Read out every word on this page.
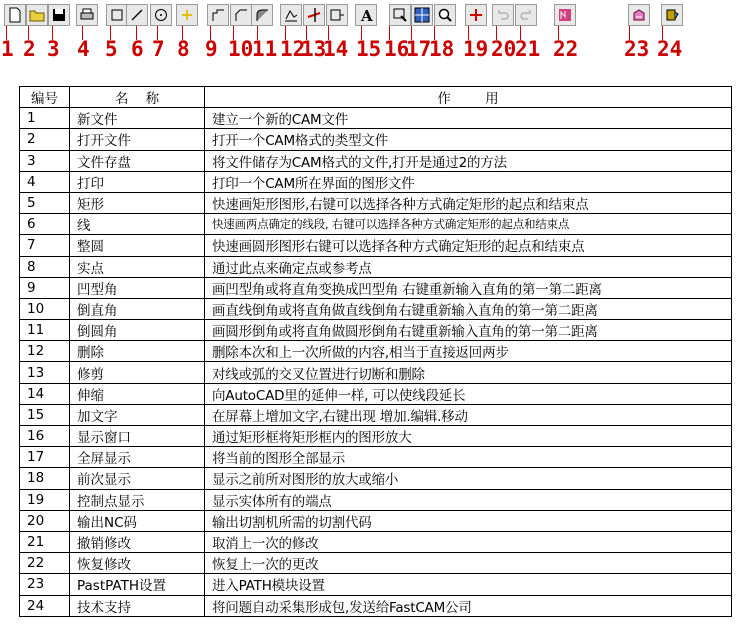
1 2 3 4 5 6 7 8 9 10
11 12
13
14
A
15 16
17
18 19 20
21 22 23 24
编号	名    称	作        用
1	新文件	建立一个新的CAM文件
2	打开文件	打开一个CAM格式的类型文件
3	文件存盘	将文件储存为CAM格式的文件,打开是通过2的方法
4	打印	打印一个CAM所在界面的图形文件
5	矩形	快速画矩形图形,右键可以选择各种方式确定矩形的起点和结束点
6	线	快速画两点确定的线段, 右键可以选择各种方式确定矩形的起点和结束点
7	整圆	快速画圆形图形右键可以选择各种方式确定矩形的起点和结束点
8	实点	通过此点来确定点或参考点
9	凹型角	画凹型角或将直角变换成凹型角 右键重新输入直角的第一第二距离
10	倒直角	画直线倒角或将直角做直线倒角右键重新输入直角的第一第二距离
11	倒圆角	画圆形倒角或将直角做圆形倒角右键重新输入直角的第一第二距离
12	删除	删除本次和上一次所做的内容,相当于直接返回两步
13	修剪	对线或弧的交叉位置进行切断和删除
14	伸缩	向AutoCAD里的延伸一样, 可以使线段延长
15	加文字	在屏幕上增加文字,右键出现 增加.编辑.移动
16	显示窗口	通过矩形框将矩形框内的图形放大
17	全屏显示	将当前的图形全部显示
18	前次显示	显示之前所对图形的放大或缩小
19	控制点显示	显示实体所有的端点
20	输出NC码	输出切割机所需的切割代码
21	撤销修改	取消上一次的修改
22	恢复修改	恢复上一次的更改
23	PastPATH设置	进入PATH模块设置
24	技术支持	将问题自动采集形成包,发送给FastCAM公司
